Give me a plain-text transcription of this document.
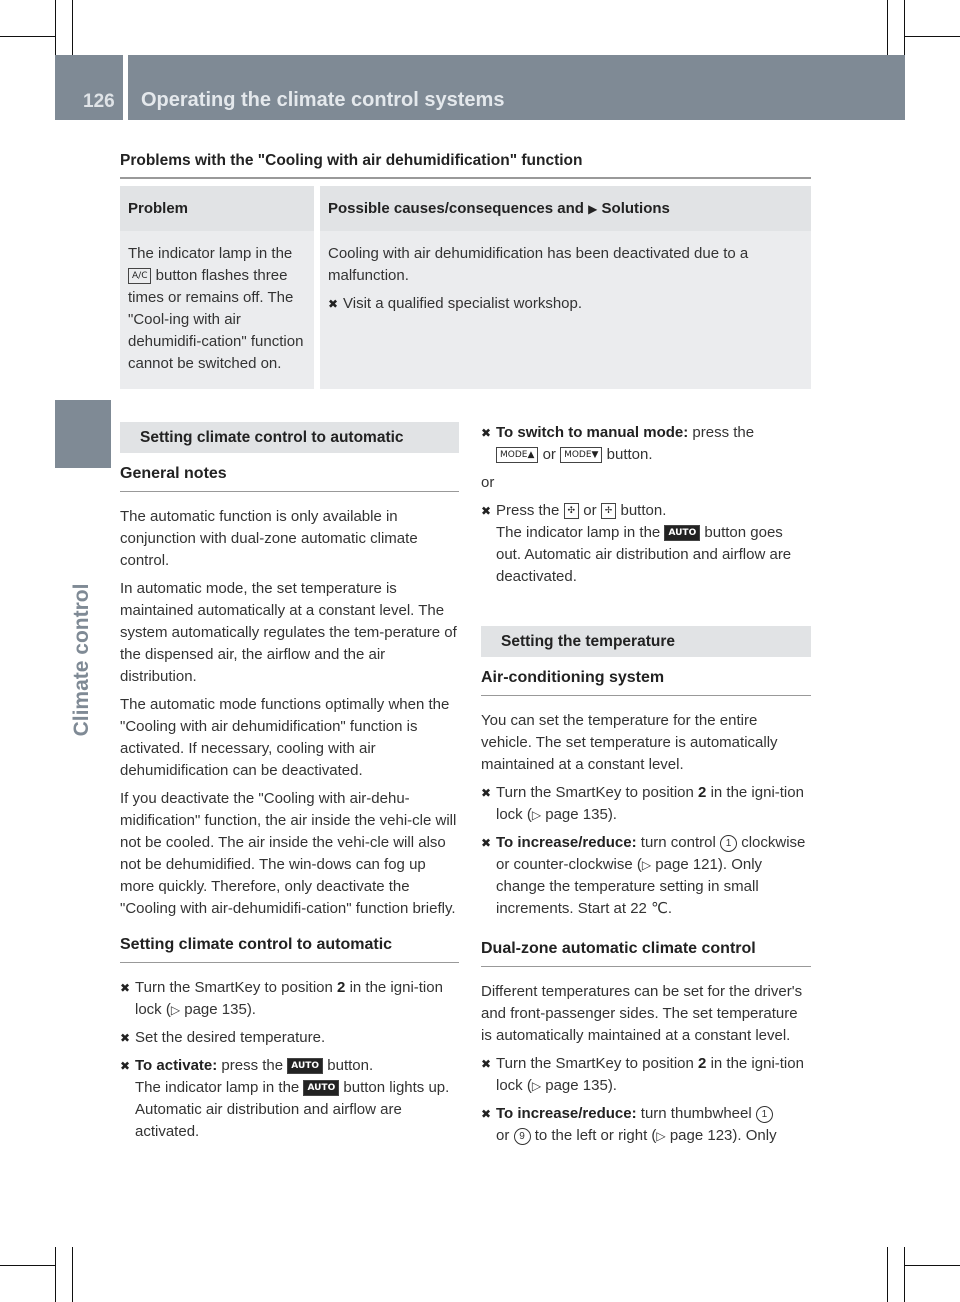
126 Operating the climate control systems
Climate control
Problems with the "Cooling with air dehumidification" function
Problem		Possible causes/consequences and ▶ Solutions
The indicator lamp in the A/C button flashes three times or remains off. The "Cool-ing with air dehumidifi-cation" function cannot be switched on.		Cooling with air dehumidification has been deactivated due to a malfunction.

✖ Visit a qualified specialist workshop.
Setting climate control to automatic
General notes

The automatic function is only available in conjunction with dual-zone automatic climate control.

In automatic mode, the set temperature is maintained automatically at a constant level. The system automatically regulates the tem-perature of the dispensed air, the airflow and the air distribution.

The automatic mode functions optimally when the "Cooling with air dehumidification" function is activated. If necessary, cooling with air dehumidification can be deactivated.

If you deactivate the "Cooling with air-dehu-midification" function, the air inside the vehi-cle will not be cooled. The air inside the vehi-cle will also not be dehumidified. The win-dows can fog up more quickly. Therefore, only deactivate the "Cooling with air-dehumidifi-cation" function briefly.

Setting climate control to automatic
✖ Turn the SmartKey to position 2 in the igni-tion lock (▷ page 135).
✖ Set the desired temperature.
✖ To activate: press the AUTO button.
The indicator lamp in the AUTO button lights up. Automatic air distribution and airflow are activated.
✖ To switch to manual mode: press the
MODE▲ or MODE▼ button.

or

✖ Press the ✣ or ✢ button.
The indicator lamp in the AUTO button goes out. Automatic air distribution and airflow are deactivated.
Setting the temperature
Air-conditioning system

You can set the temperature for the entire vehicle. The set temperature is automatically maintained at a constant level.

✖ Turn the SmartKey to position 2 in the igni-tion lock (▷ page 135).
✖ To increase/reduce: turn control 1 clockwise or counter-clockwise (▷ page 121). Only change the temperature setting in small increments. Start at 22 ℃.
Dual-zone automatic climate control

Different temperatures can be set for the driver's and front-passenger sides. The set temperature is automatically maintained at a constant level.

✖ Turn the SmartKey to position 2 in the igni-tion lock (▷ page 135).
✖ To increase/reduce: turn thumbwheel 1
or 9 to the left or right (▷ page 123). Only
